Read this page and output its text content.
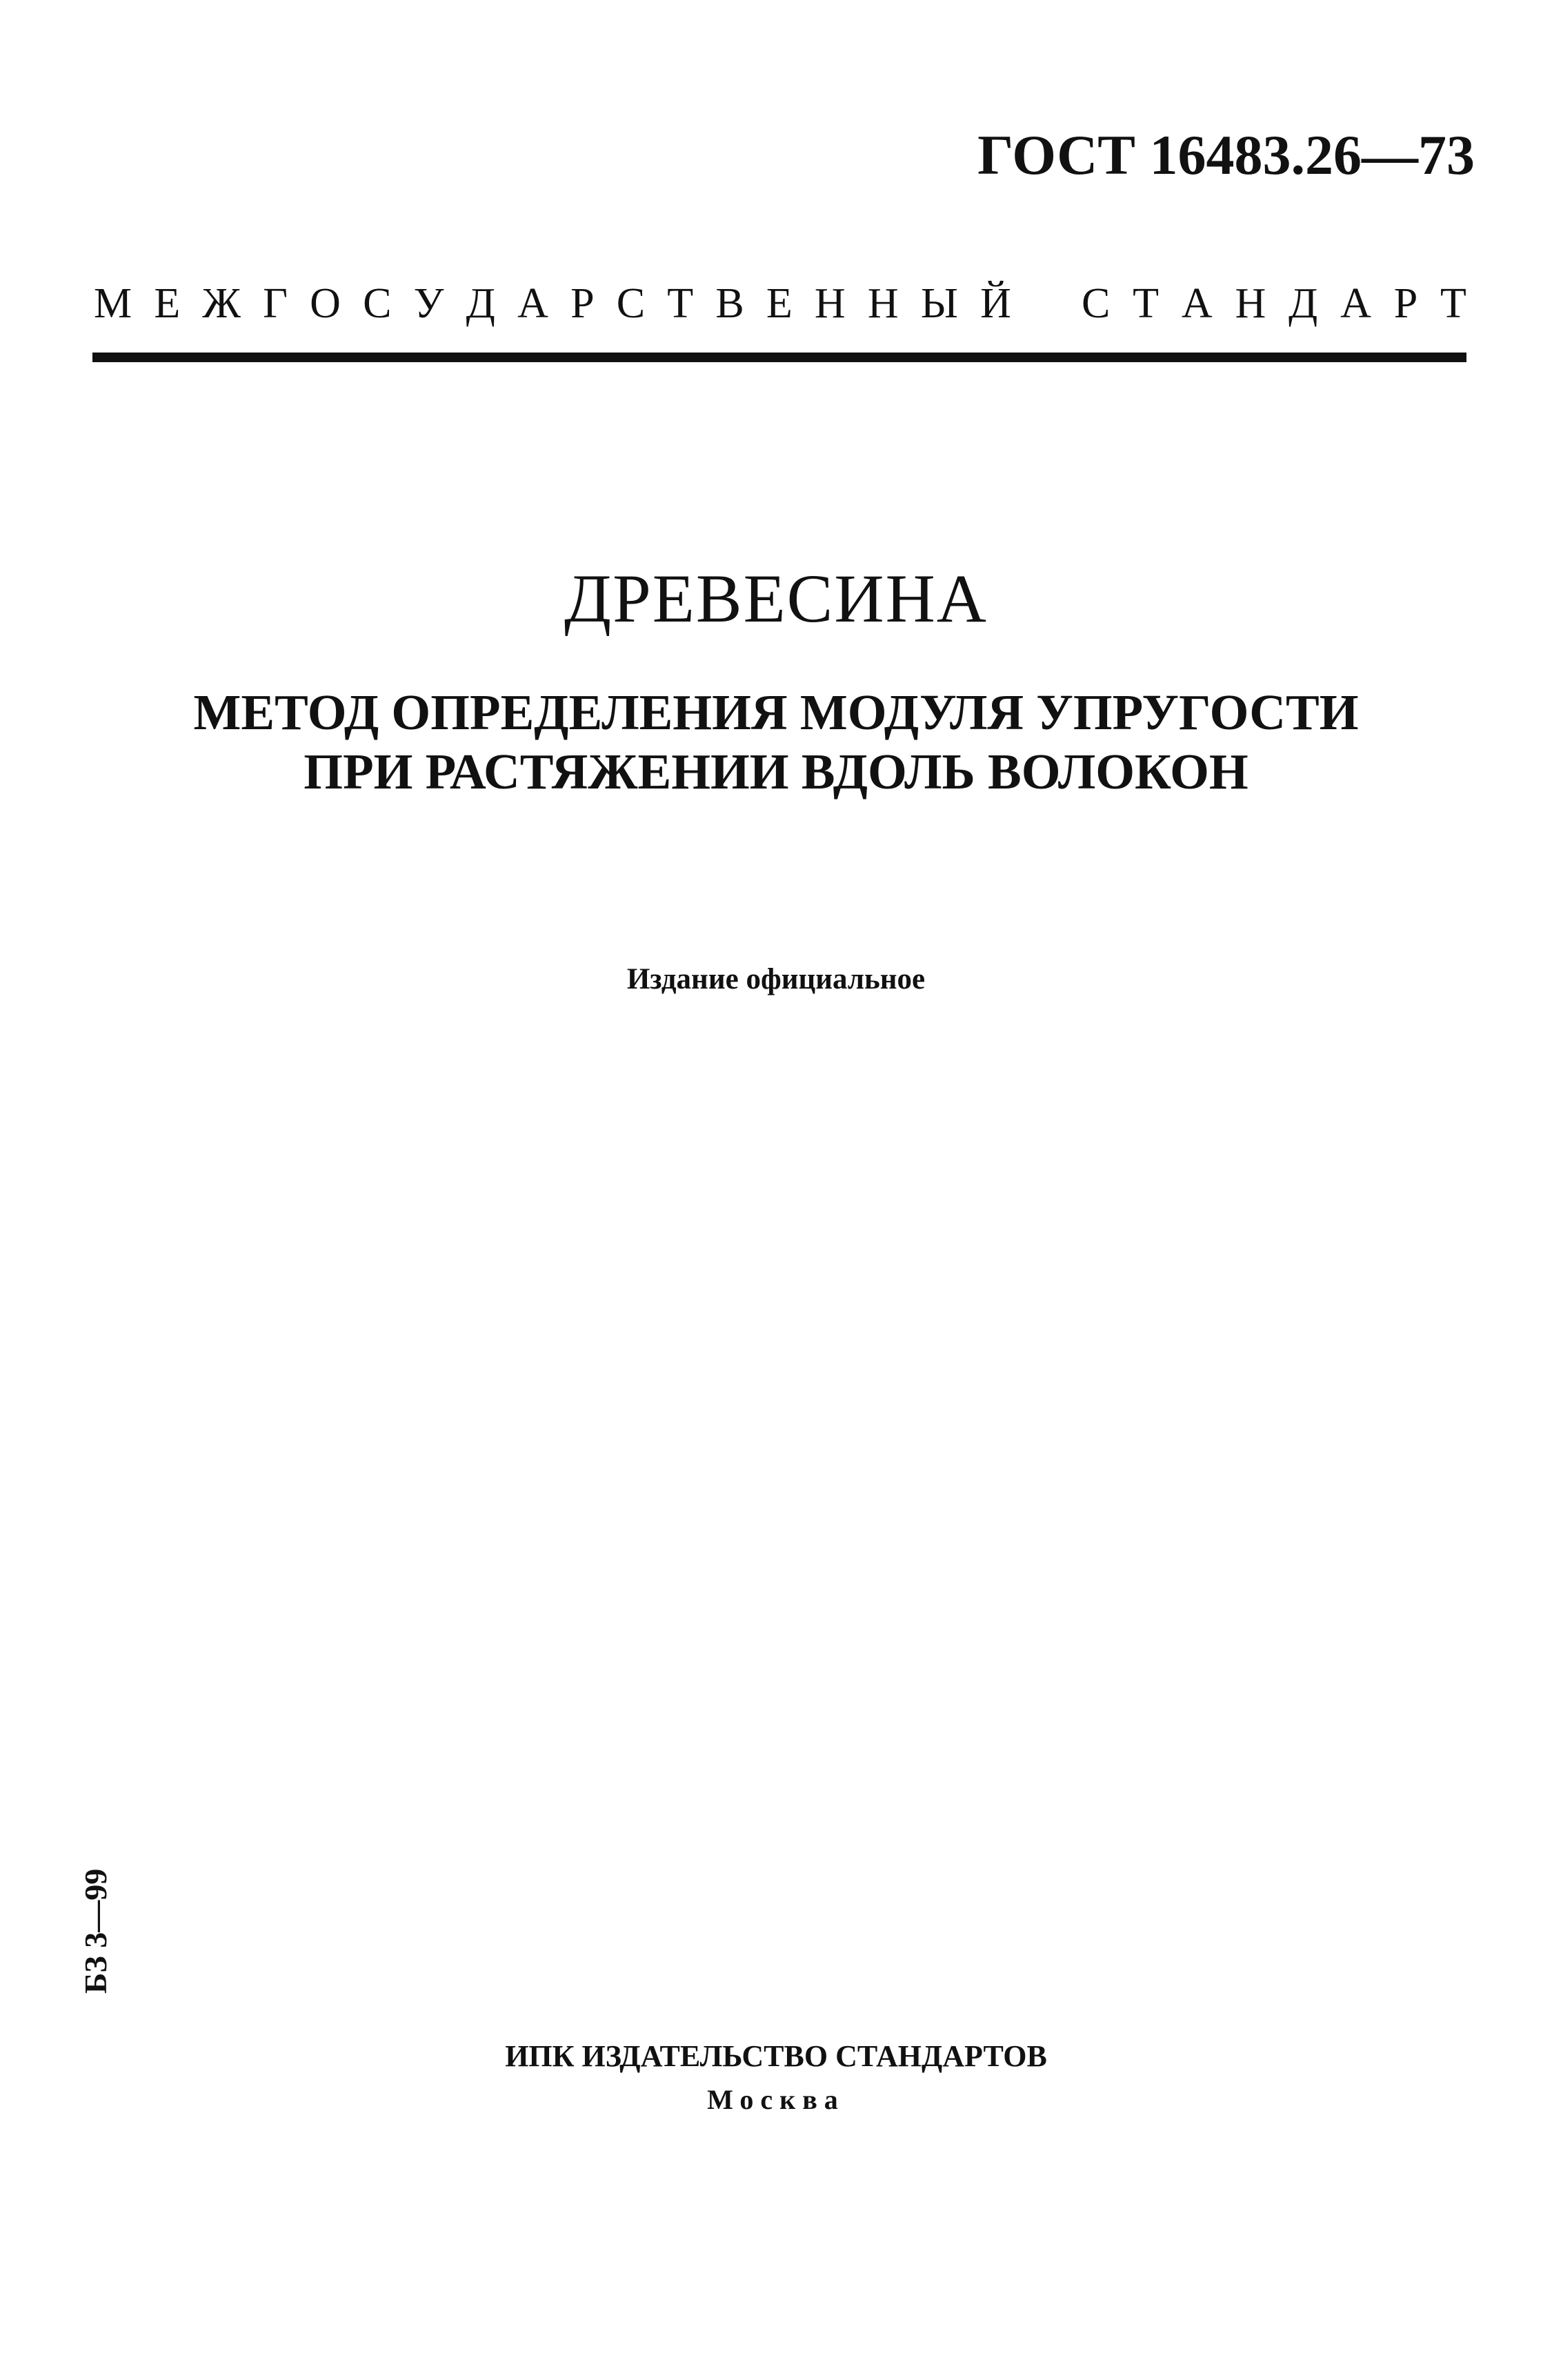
ГОСТ 16483.26—73
М Е Ж Г О С У Д А Р С Т В Е Н Н Ы Й С Т А Н Д А Р Т
ДРЕВЕСИНА
МЕТОД ОПРЕДЕЛЕНИЯ МОДУЛЯ УПРУГОСТИ
ПРИ РАСТЯЖЕНИИ ВДОЛЬ ВОЛОКОН
Издание официальное
БЗ 3—99
ИПК ИЗДАТЕЛЬСТВО СТАНДАРТОВ
Москва
